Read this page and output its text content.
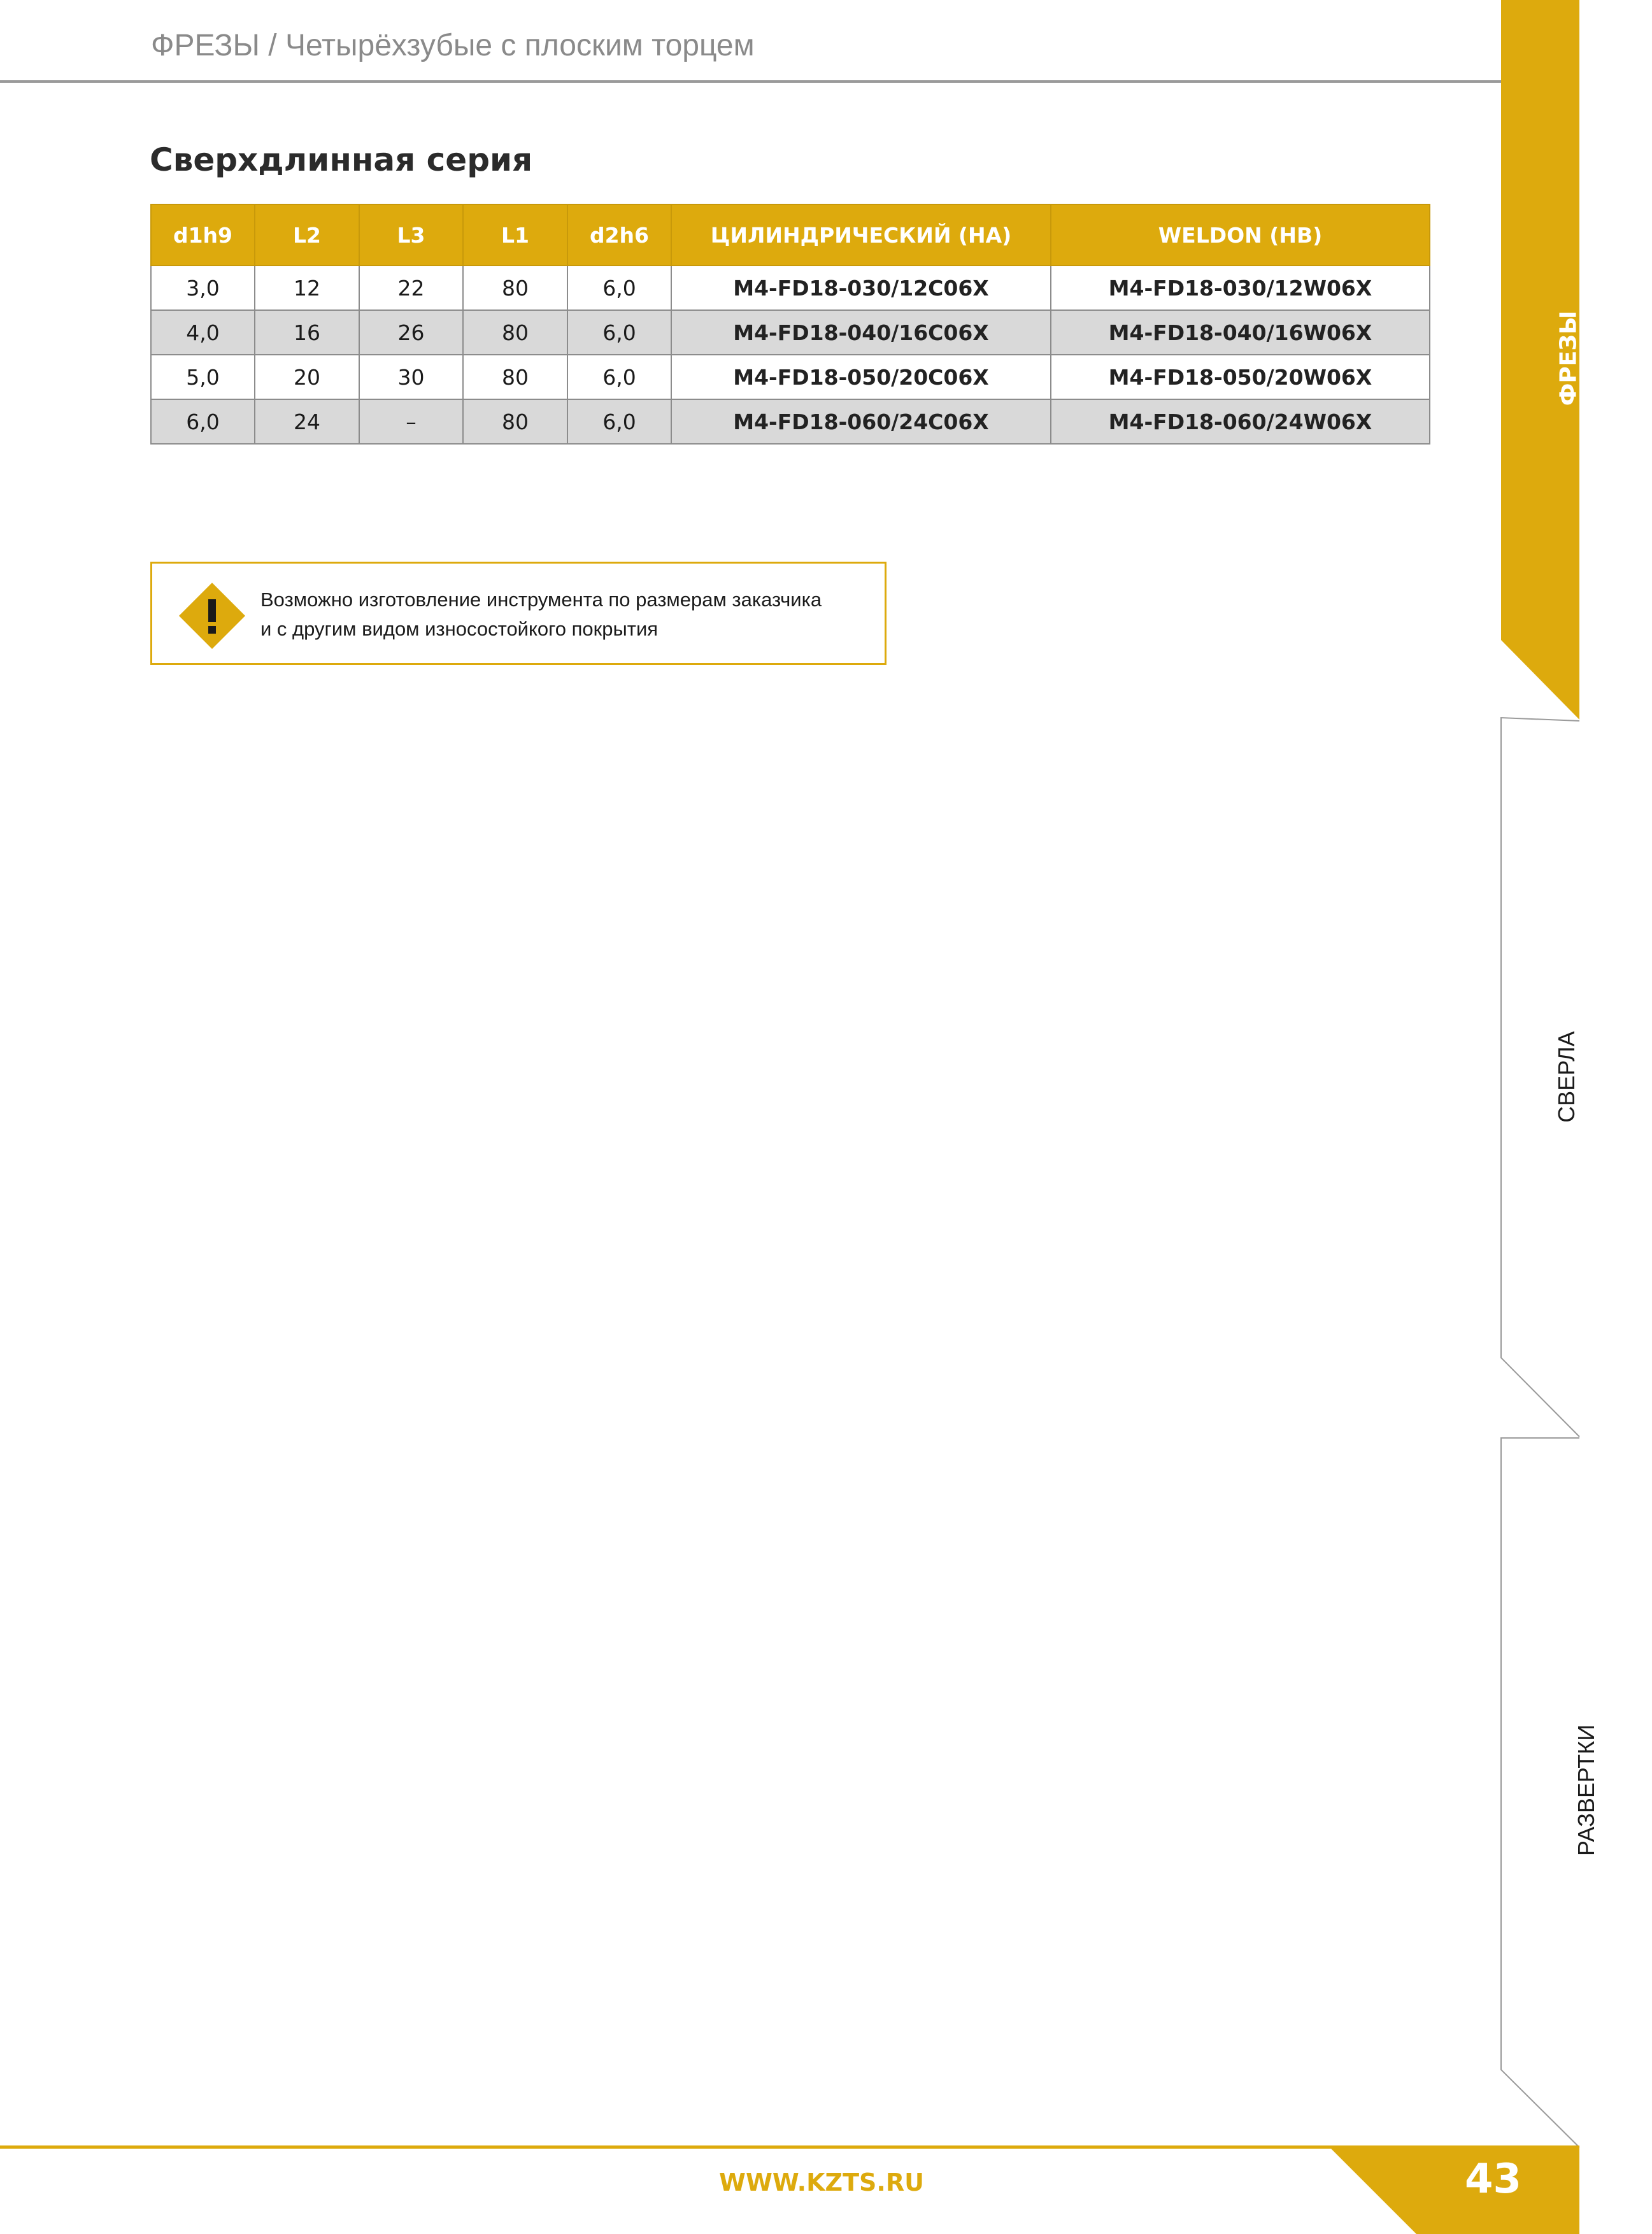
ФРЕЗЫ / Четырёхзубые с плоским торцем
Сверхдлинная серия
d1h9	L2	L3	L1	d2h6	ЦИЛИНДРИЧЕСКИЙ (HA)	WELDON (HB)
3,0	12	22	80	6,0	M4-FD18-030/12C06X	M4-FD18-030/12W06X
4,0	16	26	80	6,0	M4-FD18-040/16C06X	M4-FD18-040/16W06X
5,0	20	30	80	6,0	M4-FD18-050/20C06X	M4-FD18-050/20W06X
6,0	24	–	80	6,0	M4-FD18-060/24C06X	M4-FD18-060/24W06X
Возможно изготовление инструмента по размерам заказчика
и с другим видом износостойкого покрытия
ФРЕЗЫ
СВЕРЛА
РАЗВЕРТКИ
WWW.KZTS.RU	43
